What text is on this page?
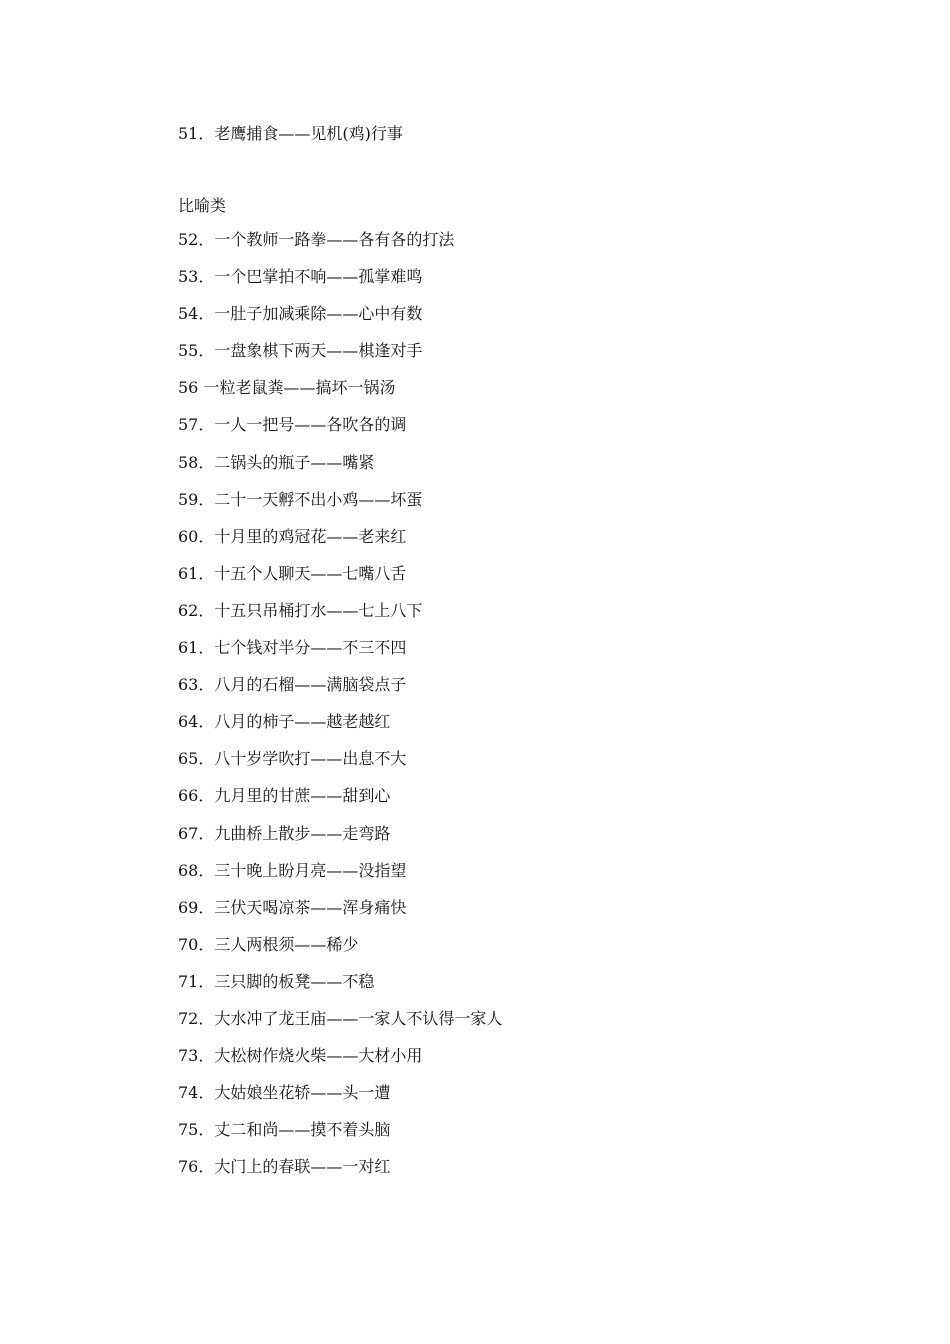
51．老鹰捕食——见机(鸡)行事
比喻类
52．一个教师一路拳——各有各的打法
53．一个巴掌拍不响——孤掌难鸣
54．一肚子加减乘除——心中有数
55．一盘象棋下两天——棋逢对手
56 一粒老鼠粪——搞坏一锅汤
57．一人一把号——各吹各的调
58．二锅头的瓶子——嘴紧
59．二十一天孵不出小鸡——坏蛋
60．十月里的鸡冠花——老来红
61．十五个人聊天——七嘴八舌
62．十五只吊桶打水——七上八下
61．七个钱对半分——不三不四
63．八月的石榴——满脑袋点子
64．八月的柿子——越老越红
65．八十岁学吹打——出息不大
66．九月里的甘蔗——甜到心
67．九曲桥上散步——走弯路
68．三十晚上盼月亮——没指望
69．三伏天喝凉茶——浑身痛快
70．三人两根须——稀少
71．三只脚的板凳——不稳
72．大水冲了龙王庙——一家人不认得一家人
73．大松树作烧火柴——大材小用
74．大姑娘坐花轿——头一遭
75．丈二和尚——摸不着头脑
76．大门上的春联——一对红
